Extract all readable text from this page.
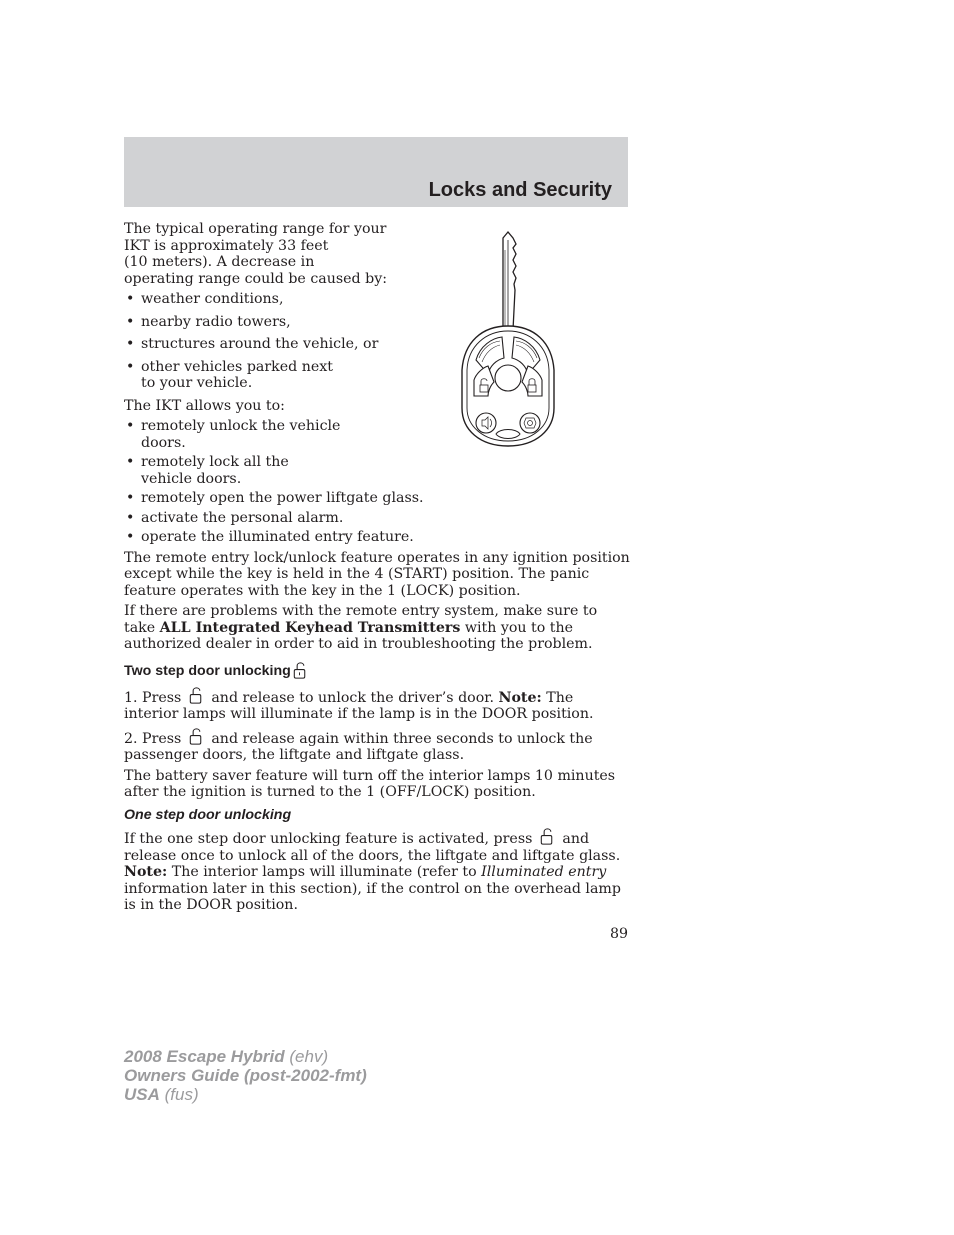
Locks and Security

The typical operating range for your
IKT is approximately 33 feet
(10 meters). A decrease in
operating range could be caused by:

• weather conditions,
• nearby radio towers,
• structures around the vehicle, or
• other vehicles parked next to your vehicle.

The IKT allows you to:

• remotely unlock the vehicle doors.
• remotely lock all the vehicle doors.
• remotely open the power liftgate glass.
• activate the personal alarm.
• operate the illuminated entry feature.

The remote entry lock/unlock feature operates in any ignition position except while the key is held in the 4 (START) position. The panic feature operates with the key in the 1 (LOCK) position.

If there are problems with the remote entry system, make sure to take ALL Integrated Keyhead Transmitters with you to the authorized dealer in order to aid in troubleshooting the problem.

Two step door unlocking

1. Press and release to unlock the driver’s door. Note: The interior lamps will illuminate if the lamp is in the DOOR position.

2. Press and release again within three seconds to unlock the passenger doors, the liftgate and liftgate glass.

The battery saver feature will turn off the interior lamps 10 minutes after the ignition is turned to the 1 (OFF/LOCK) position.

One step door unlocking

If the one step door unlocking feature is activated, press and release once to unlock all of the doors, the liftgate and liftgate glass. Note: The interior lamps will illuminate (refer to Illuminated entry information later in this section), if the control on the overhead lamp is in the DOOR position.

89
2008 Escape Hybrid (ehv)
Owners Guide (post-2002-fmt)
USA (fus)
